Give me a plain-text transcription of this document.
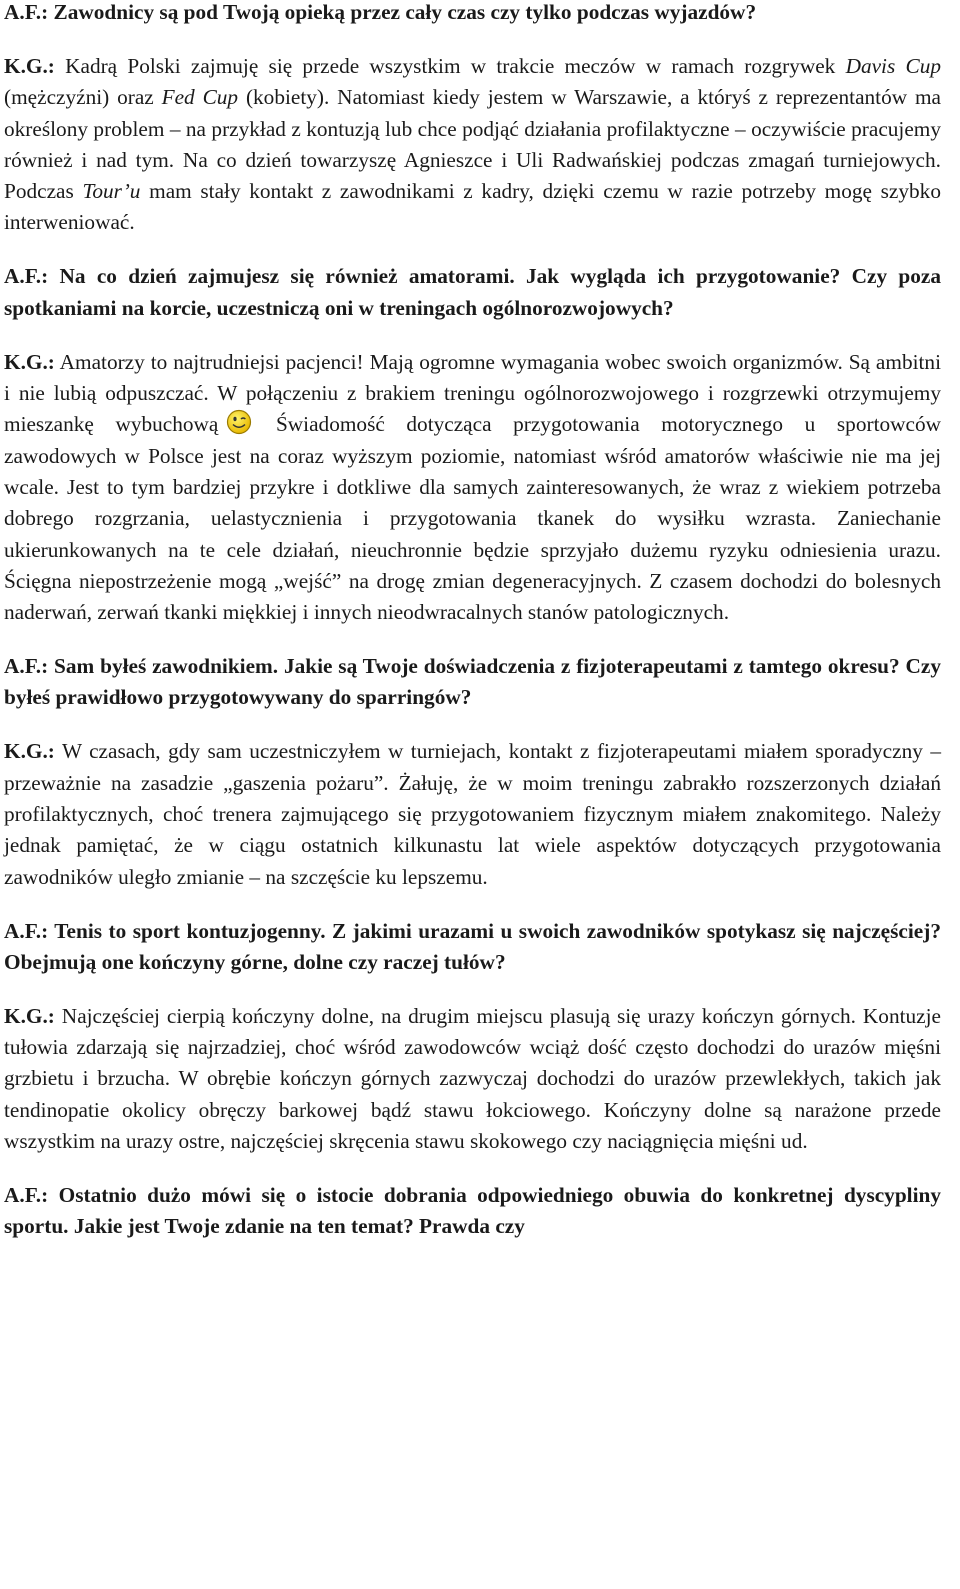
A.F.: Zawodnicy są pod Twoją opieką przez cały czas czy tylko podczas wyjazdów?

K.G.: Kadrą Polski zajmuję się przede wszystkim w trakcie meczów w ramach rozgrywek Davis Cup (mężczyźni) oraz Fed Cup (kobiety). Natomiast kiedy jestem w Warszawie, a któryś z reprezentantów ma określony problem – na przykład z kontuzją lub chce podjąć działania profilaktyczne – oczywiście pracujemy również i nad tym. Na co dzień towarzyszę Agnieszce i Uli Radwańskiej podczas zmagań turniejowych. Podczas Tour’u mam stały kontakt z zawodnikami z kadry, dzięki czemu w razie potrzeby mogę szybko interweniować.

A.F.: Na co dzień zajmujesz się również amatorami. Jak wygląda ich przygotowanie? Czy poza spotkaniami na korcie, uczestniczą oni w treningach ogólnorozwojowych?

K.G.: Amatorzy to najtrudniejsi pacjenci! Mają ogromne wymagania wobec swoich organizmów. Są ambitni i nie lubią odpuszczać. W połączeniu z brakiem treningu ogólnorozwojowego i rozgrzewki otrzymujemy mieszankę wybuchową Świadomość dotycząca przygotowania motorycznego u sportowców zawodowych w Polsce jest na coraz wyższym poziomie, natomiast wśród amatorów właściwie nie ma jej wcale. Jest to tym bardziej przykre i dotkliwe dla samych zainteresowanych, że wraz z wiekiem potrzeba dobrego rozgrzania, uelastycznienia i przygotowania tkanek do wysiłku wzrasta. Zaniechanie ukierunkowanych na te cele działań, nieuchronnie będzie sprzyjało dużemu ryzyku odniesienia urazu. Ścięgna niepostrzeżenie mogą „wejść” na drogę zmian degeneracyjnych. Z czasem dochodzi do bolesnych naderwań, zerwań tkanki miękkiej i innych nieodwracalnych stanów patologicznych.

A.F.: Sam byłeś zawodnikiem. Jakie są Twoje doświadczenia z fizjoterapeutami z tamtego okresu? Czy byłeś prawidłowo przygotowywany do sparringów?

K.G.: W czasach, gdy sam uczestniczyłem w turniejach, kontakt z fizjoterapeutami miałem sporadyczny – przeważnie na zasadzie „gaszenia pożaru”. Żałuję, że w moim treningu zabrakło rozszerzonych działań profilaktycznych, choć trenera zajmującego się przygotowaniem fizycznym miałem znakomitego. Należy jednak pamiętać, że w ciągu ostatnich kilkunastu lat wiele aspektów dotyczących przygotowania zawodników uległo zmianie – na szczęście ku lepszemu.

A.F.: Tenis to sport kontuzjogenny. Z jakimi urazami u swoich zawodników spotykasz się najczęściej? Obejmują one kończyny górne, dolne czy raczej tułów?

K.G.: Najczęściej cierpią kończyny dolne, na drugim miejscu plasują się urazy kończyn górnych. Kontuzje tułowia zdarzają się najrzadziej, choć wśród zawodowców wciąż dość często dochodzi do urazów mięśni grzbietu i brzucha. W obrębie kończyn górnych zazwyczaj dochodzi do urazów przewlekłych, takich jak tendinopatie okolicy obręczy barkowej bądź stawu łokciowego. Kończyny dolne są narażone przede wszystkim na urazy ostre, najczęściej skręcenia stawu skokowego czy naciągnięcia mięśni ud.

A.F.: Ostatnio dużo mówi się o istocie dobrania odpowiedniego obuwia do konkretnej dyscypliny sportu. Jakie jest Twoje zdanie na ten temat? Prawda czy
